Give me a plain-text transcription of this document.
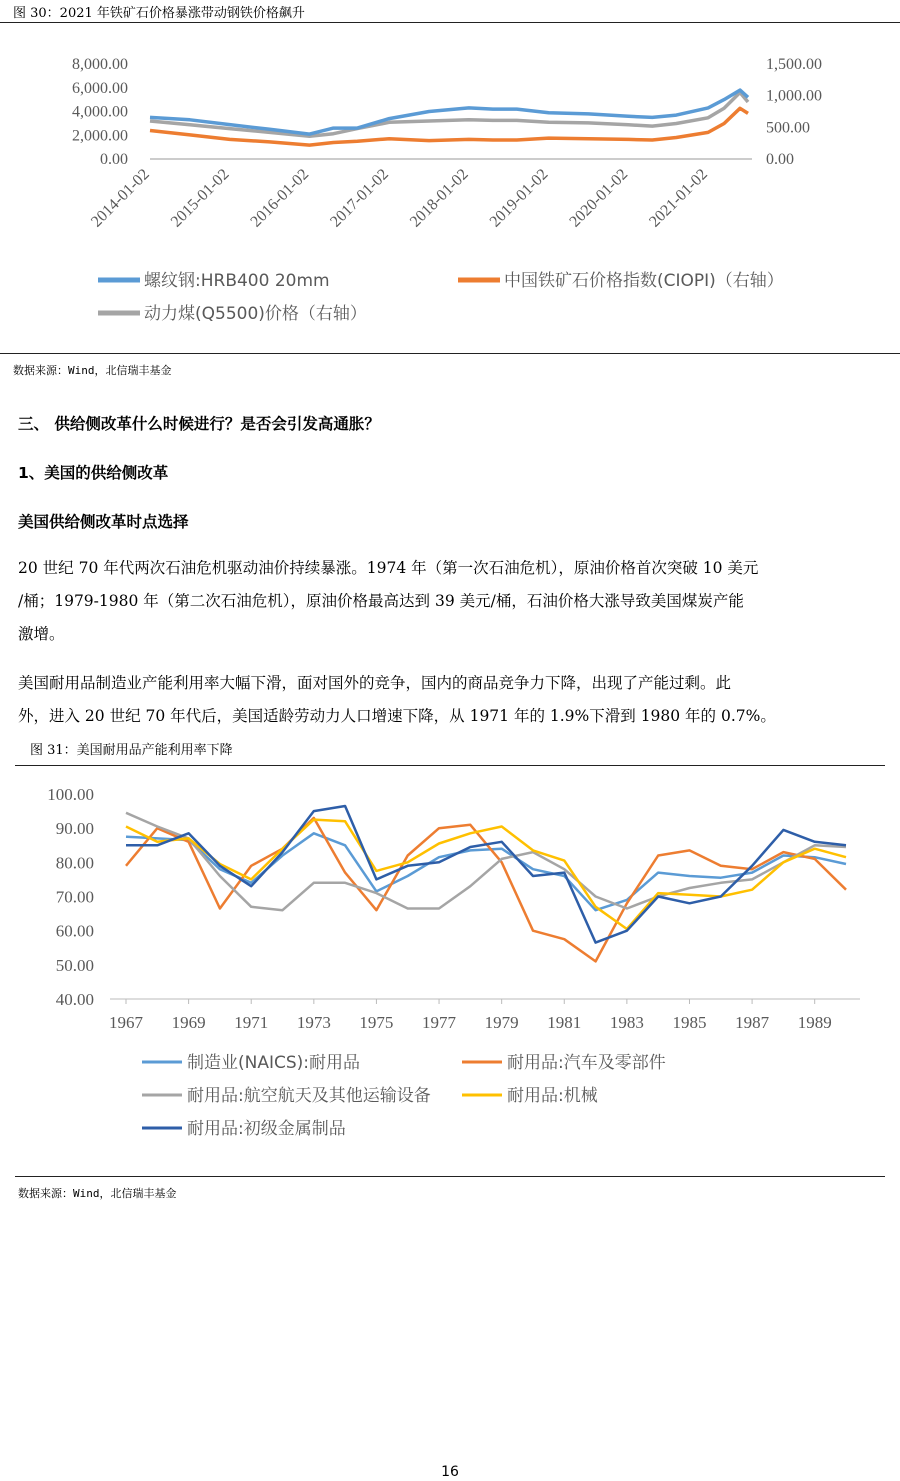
图 30：2021 年铁矿石价格暴涨带动钢铁价格飙升
8,000.00
6,000.00
4,000.00
2,000.00
0.00
1,500.00
1,000.00
500.00
0.00
2014-01-02 2015-01-02 2016-01-02 2017-01-02 2018-01-02 2019-01-02 2020-01-02 2021-01-02
螺纹钢:HRB400 20mm	中国铁矿石价格指数(CIOPI)（右轴）
动力煤(Q5500)价格（右轴）
数据来源：Wind，北信瑞丰基金
三、 供给侧改革什么时候进行？是否会引发高通胀？
1、美国的供给侧改革
美国供给侧改革时点选择
20 世纪 70 年代两次石油危机驱动油价持续暴涨。1974 年（第一次石油危机），原油价格首次突破 10 美元
/桶；1979-1980 年（第二次石油危机），原油价格最高达到 39 美元/桶，石油价格大涨导致美国煤炭产能
激增。
美国耐用品制造业产能利用率大幅下滑，面对国外的竞争，国内的商品竞争力下降，出现了产能过剩。此
外，进入 20 世纪 70 年代后，美国适龄劳动力人口增速下降，从 1971 年的 1.9%下滑到 1980 年的 0.7%。
图 31：美国耐用品产能利用率下降
100.00
90.00
80.00
70.00
60.00
50.00
40.00
1967 1969 1971 1973 1975 1977 1979 1981 1983 1985 1987 1989
制造业(NAICS):耐用品	耐用品:汽车及零部件
耐用品:航空航天及其他运输设备	耐用品:机械
耐用品:初级金属制品
数据来源：Wind，北信瑞丰基金
16
